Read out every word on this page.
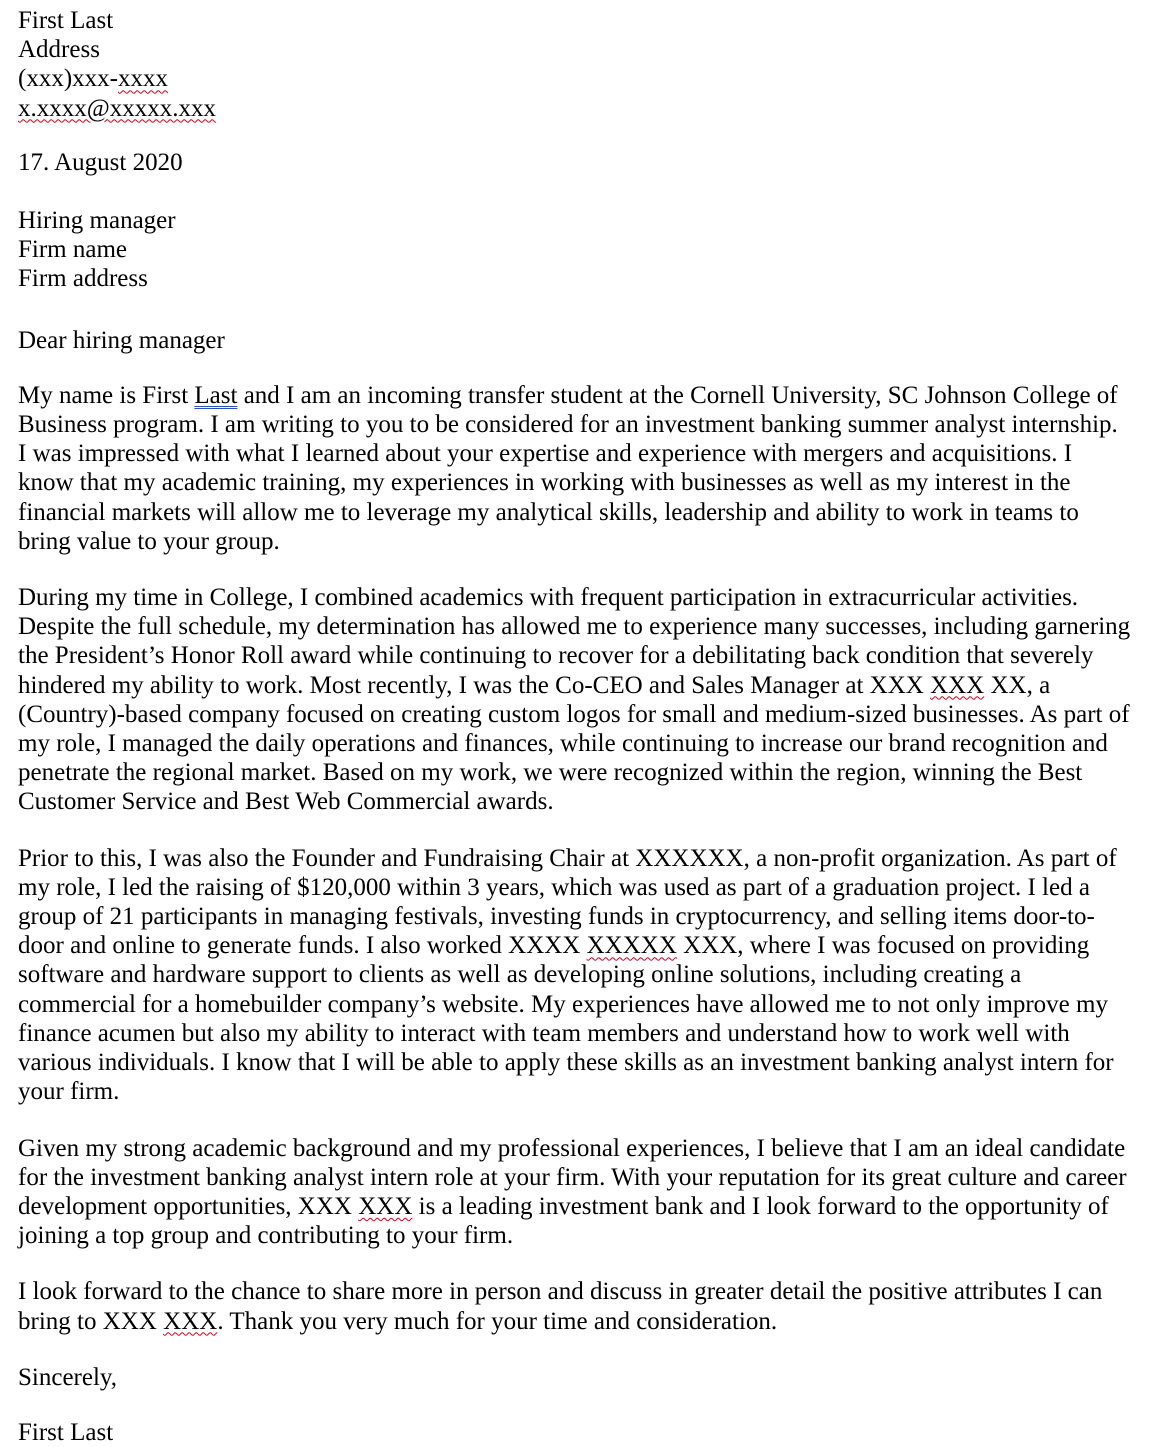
First Last
Address
(xxx)xxx-xxxx
x.xxxx@xxxxx.xxx
17. August 2020
Hiring manager
Firm name
Firm address
Dear hiring manager
My name is First Last and I am an incoming transfer student at the Cornell University, SC Johnson College of
Business program. I am writing to you to be considered for an investment banking summer analyst internship.
I was impressed with what I learned about your expertise and experience with mergers and acquisitions. I
know that my academic training, my experiences in working with businesses as well as my interest in the
financial markets will allow me to leverage my analytical skills, leadership and ability to work in teams to
bring value to your group.
During my time in College, I combined academics with frequent participation in extracurricular activities.
Despite the full schedule, my determination has allowed me to experience many successes, including garnering
the President’s Honor Roll award while continuing to recover for a debilitating back condition that severely
hindered my ability to work. Most recently, I was the Co-CEO and Sales Manager at XXX XXX XX, a
(Country)-based company focused on creating custom logos for small and medium-sized businesses. As part of
my role, I managed the daily operations and finances, while continuing to increase our brand recognition and
penetrate the regional market. Based on my work, we were recognized within the region, winning the Best
Customer Service and Best Web Commercial awards.
Prior to this, I was also the Founder and Fundraising Chair at XXXXXX, a non-profit organization. As part of
my role, I led the raising of $120,000 within 3 years, which was used as part of a graduation project. I led a
group of 21 participants in managing festivals, investing funds in cryptocurrency, and selling items door-to-
door and online to generate funds. I also worked XXXX XXXXX XXX, where I was focused on providing
software and hardware support to clients as well as developing online solutions, including creating a
commercial for a homebuilder company’s website. My experiences have allowed me to not only improve my
finance acumen but also my ability to interact with team members and understand how to work well with
various individuals. I know that I will be able to apply these skills as an investment banking analyst intern for
your firm.
Given my strong academic background and my professional experiences, I believe that I am an ideal candidate
for the investment banking analyst intern role at your firm. With your reputation for its great culture and career
development opportunities, XXX XXX is a leading investment bank and I look forward to the opportunity of
joining a top group and contributing to your firm.
I look forward to the chance to share more in person and discuss in greater detail the positive attributes I can
bring to XXX XXX. Thank you very much for your time and consideration.
Sincerely,
First Last
